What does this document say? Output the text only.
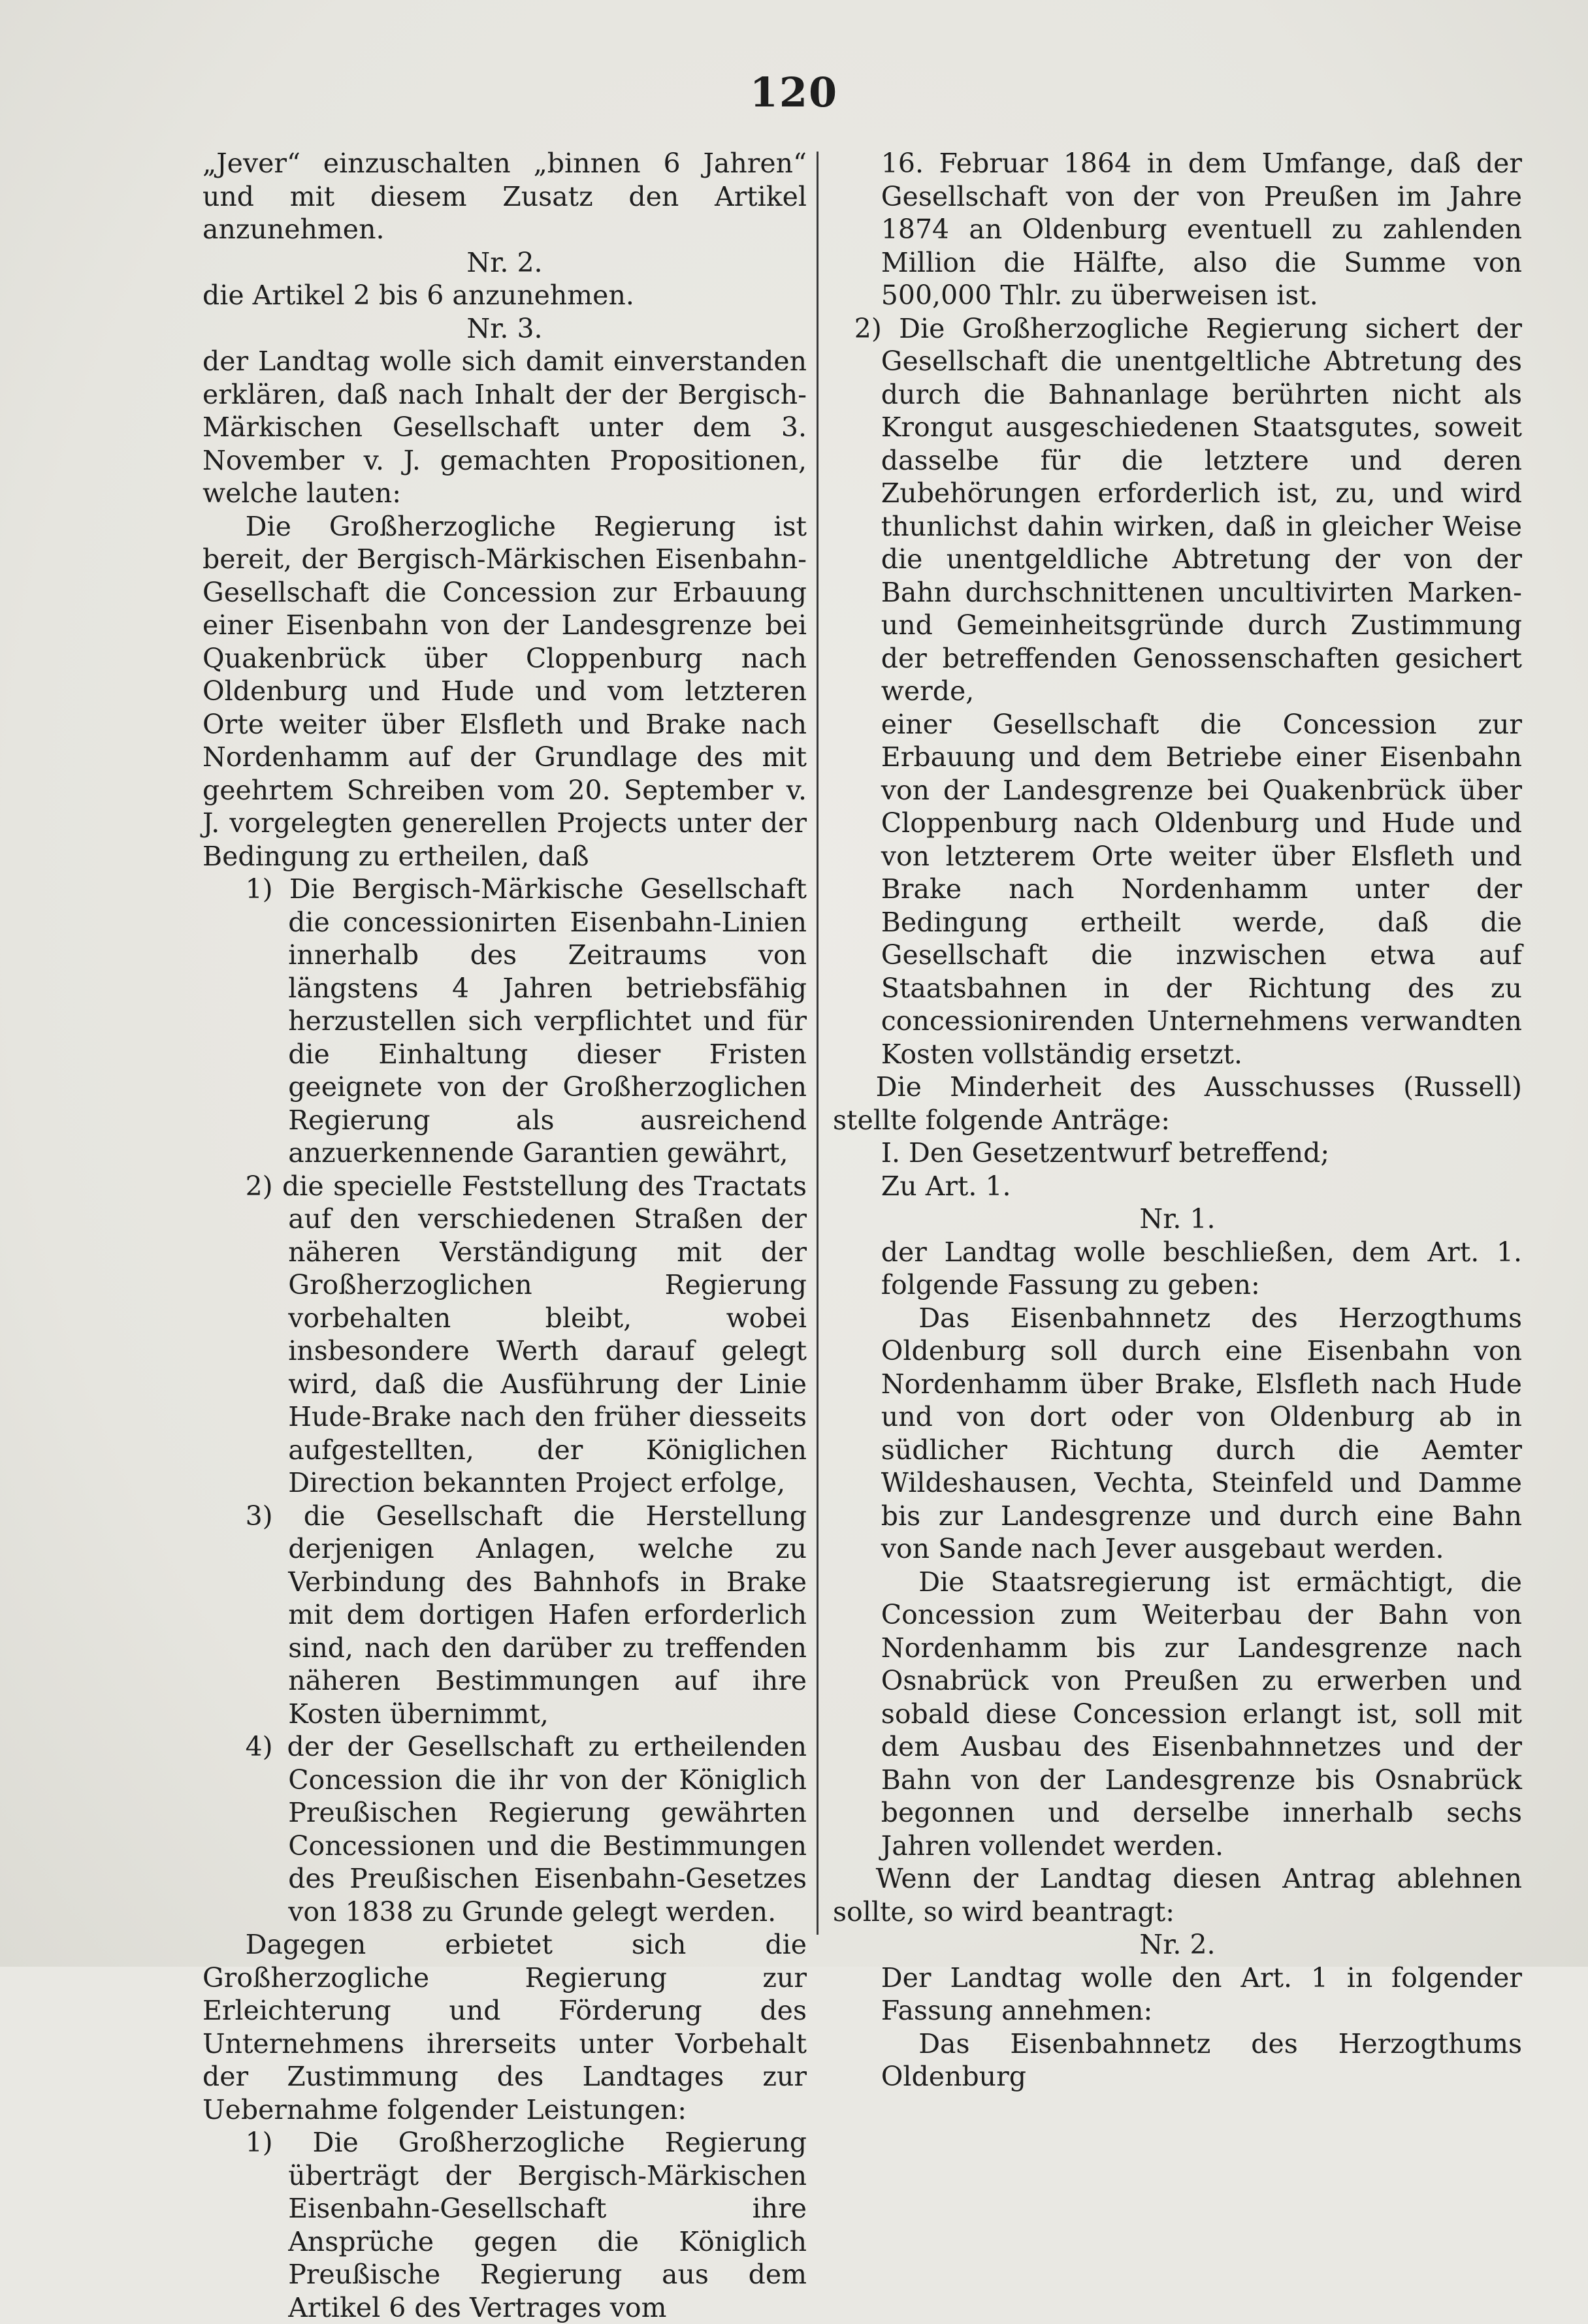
120

„Jever“ einzuschalten „binnen 6 Jahren“ und mit diesem Zusatz den Artikel anzunehmen.

Nr. 2.

die Artikel 2 bis 6 anzunehmen.

Nr. 3.

der Landtag wolle sich damit einverstanden erklären, daß nach Inhalt der der Bergisch-Märkischen Gesellschaft unter dem 3. November v. J. gemachten Propositionen, welche lauten:

Die Großherzogliche Regierung ist bereit, der Bergisch-Märkischen Eisenbahn-Gesellschaft die Concession zur Erbauung einer Eisenbahn von der Landesgrenze bei Quakenbrück über Cloppenburg nach Oldenburg und Hude und vom letzteren Orte weiter über Elsfleth und Brake nach Nordenhamm auf der Grundlage des mit geehrtem Schreiben vom 20. September v. J. vorgelegten generellen Projects unter der Bedingung zu ertheilen, daß

1) Die Bergisch-Märkische Gesellschaft die concessionirten Eisenbahn-Linien innerhalb des Zeitraums von längstens 4 Jahren betriebsfähig herzustellen sich verpflichtet und für die Einhaltung dieser Fristen geeignete von der Großherzoglichen Regierung als ausreichend anzuerkennende Garantien gewährt,

2) die specielle Feststellung des Tractats auf den verschiedenen Straßen der näheren Verständigung mit der Großherzoglichen Regierung vorbehalten bleibt, wobei insbesondere Werth darauf gelegt wird, daß die Ausführung der Linie Hude-Brake nach den früher diesseits aufgestellten, der Königlichen Direction bekannten Project erfolge,

3) die Gesellschaft die Herstellung derjenigen Anlagen, welche zu Verbindung des Bahnhofs in Brake mit dem dortigen Hafen erforderlich sind, nach den darüber zu treffenden näheren Bestimmungen auf ihre Kosten übernimmt,

4) der der Gesellschaft zu ertheilenden Concession die ihr von der Königlich Preußischen Regierung gewährten Concessionen und die Bestimmungen des Preußischen Eisenbahn-Gesetzes von 1838 zu Grunde gelegt werden.

Dagegen erbietet sich die Großherzogliche Regierung zur Erleichterung und Förderung des Unternehmens ihrerseits unter Vorbehalt der Zustimmung des Landtages zur Uebernahme folgender Leistungen:

1) Die Großherzogliche Regierung überträgt der Bergisch-Märkischen Eisenbahn-Gesellschaft ihre Ansprüche gegen die Königlich Preußische Regierung aus dem Artikel 6 des Vertrages vom

16. Februar 1864 in dem Umfange, daß der Gesellschaft von der von Preußen im Jahre 1874 an Oldenburg eventuell zu zahlenden Million die Hälfte, also die Summe von 500,000 Thlr. zu überweisen ist.

2) Die Großherzogliche Regierung sichert der Gesellschaft die unentgeltliche Abtretung des durch die Bahnanlage berührten nicht als Krongut ausgeschiedenen Staatsgutes, soweit dasselbe für die letztere und deren Zubehörungen erforderlich ist, zu, und wird thunlichst dahin wirken, daß in gleicher Weise die unentgeldliche Abtretung der von der Bahn durchschnittenen uncultivirten Marken- und Gemeinheitsgründe durch Zustimmung der betreffenden Genossenschaften gesichert werde,

einer Gesellschaft die Concession zur Erbauung und dem Betriebe einer Eisenbahn von der Landesgrenze bei Quakenbrück über Cloppenburg nach Oldenburg und Hude und von letzterem Orte weiter über Elsfleth und Brake nach Nordenhamm unter der Bedingung ertheilt werde, daß die Gesellschaft die inzwischen etwa auf Staatsbahnen in der Richtung des zu concessionirenden Unternehmens verwandten Kosten vollständig ersetzt.

Die Minderheit des Ausschusses (Russell) stellte folgende Anträge:

I. Den Gesetzentwurf betreffend;

Zu Art. 1.

Nr. 1.

der Landtag wolle beschließen, dem Art. 1. folgende Fassung zu geben:

Das Eisenbahnnetz des Herzogthums Oldenburg soll durch eine Eisenbahn von Nordenhamm über Brake, Elsfleth nach Hude und von dort oder von Oldenburg ab in südlicher Richtung durch die Aemter Wildeshausen, Vechta, Steinfeld und Damme bis zur Landesgrenze und durch eine Bahn von Sande nach Jever ausgebaut werden.

Die Staatsregierung ist ermächtigt, die Concession zum Weiterbau der Bahn von Nordenhamm bis zur Landesgrenze nach Osnabrück von Preußen zu erwerben und sobald diese Concession erlangt ist, soll mit dem Ausbau des Eisenbahnnetzes und der Bahn von der Landesgrenze bis Osnabrück begonnen und derselbe innerhalb sechs Jahren vollendet werden.

Wenn der Landtag diesen Antrag ablehnen sollte, so wird beantragt:

Nr. 2.

Der Landtag wolle den Art. 1 in folgender Fassung annehmen:

Das Eisenbahnnetz des Herzogthums Oldenburg
